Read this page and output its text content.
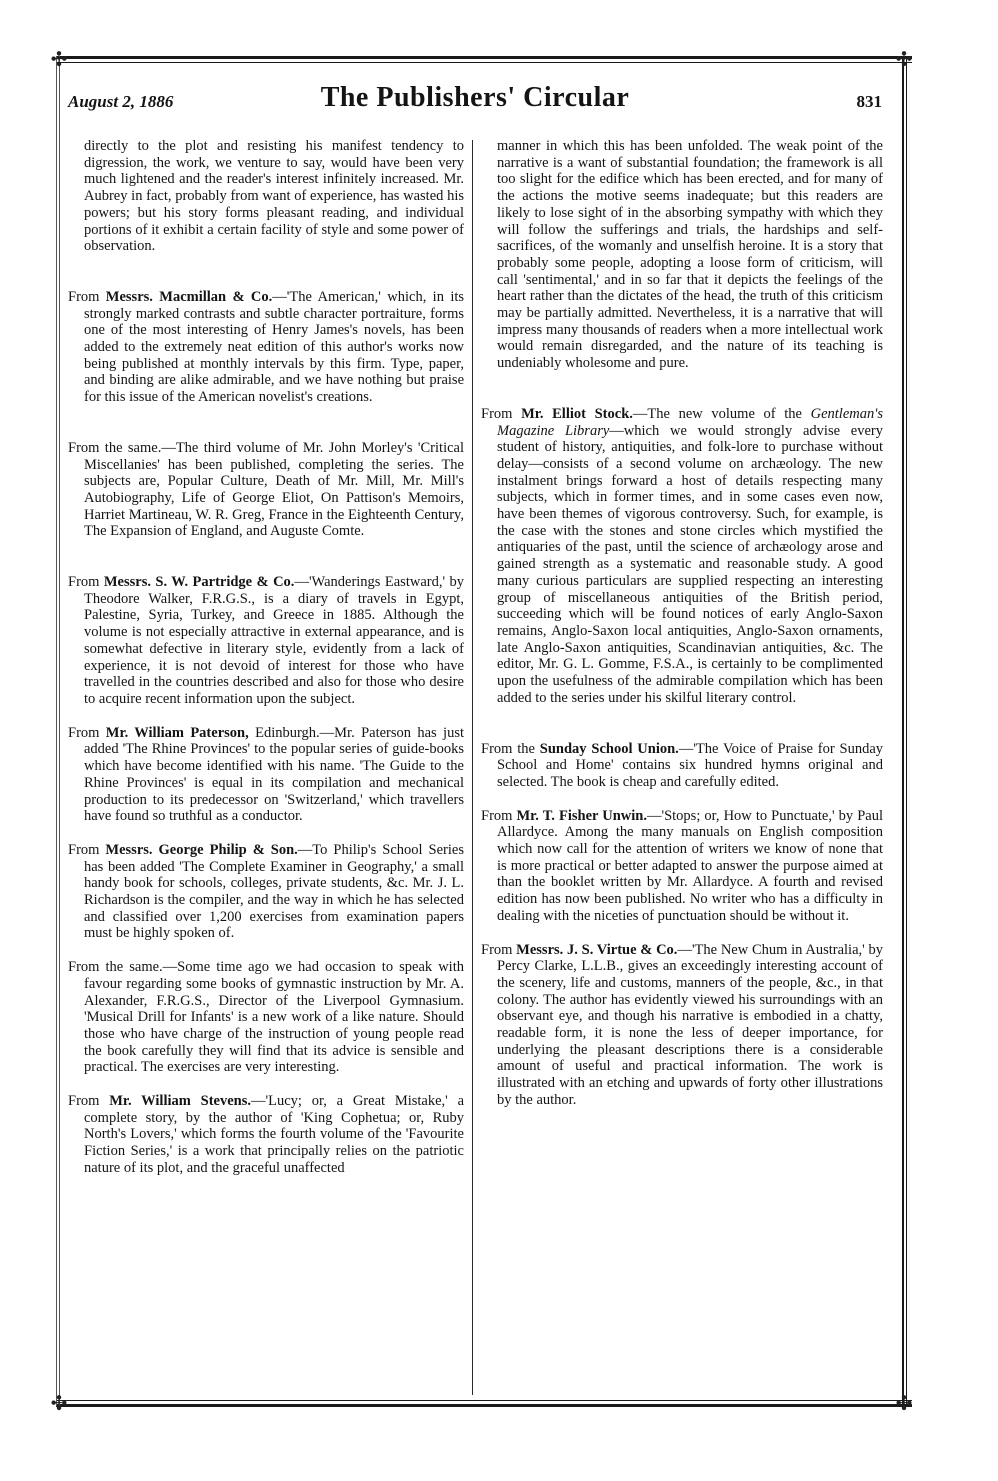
✣	✣
✣	✣
August 2, 1886	The Publishers' Circular	831

directly to the plot and resisting his manifest tendency to digression, the work, we venture to say, would have been very much lightened and the reader's interest infinitely increased. Mr. Aubrey in fact, probably from want of experience, has wasted his powers; but his story forms pleasant reading, and individual portions of it exhibit a certain facility of style and some power of observation.

From Messrs. Macmillan & Co.—'The American,' which, in its strongly marked contrasts and subtle character portraiture, forms one of the most interesting of Henry James's novels, has been added to the extremely neat edition of this author's works now being published at monthly intervals by this firm. Type, paper, and binding are alike admirable, and we have nothing but praise for this issue of the American novelist's creations.

From the same.—The third volume of Mr. John Morley's 'Critical Miscellanies' has been published, completing the series. The subjects are, Popular Culture, Death of Mr. Mill, Mr. Mill's Autobiography, Life of George Eliot, On Pattison's Memoirs, Harriet Martineau, W. R. Greg, France in the Eighteenth Century, The Expansion of England, and Auguste Comte.

From Messrs. S. W. Partridge & Co.—'Wanderings Eastward,' by Theodore Walker, F.R.G.S., is a diary of travels in Egypt, Palestine, Syria, Turkey, and Greece in 1885. Although the volume is not especially attractive in external appearance, and is somewhat defective in literary style, evidently from a lack of experience, it is not devoid of interest for those who have travelled in the countries described and also for those who desire to acquire recent information upon the subject.

From Mr. William Paterson, Edinburgh.—Mr. Paterson has just added 'The Rhine Provinces' to the popular series of guide-books which have become identified with his name. 'The Guide to the Rhine Provinces' is equal in its compilation and mechanical production to its predecessor on 'Switzerland,' which travellers have found so truthful as a conductor.

From Messrs. George Philip & Son.—To Philip's School Series has been added 'The Complete Examiner in Geography,' a small handy book for schools, colleges, private students, &c. Mr. J. L. Richardson is the compiler, and the way in which he has selected and classified over 1,200 exercises from examination papers must be highly spoken of.

From the same.—Some time ago we had occasion to speak with favour regarding some books of gymnastic instruction by Mr. A. Alexander, F.R.G.S., Director of the Liverpool Gymnasium. 'Musical Drill for Infants' is a new work of a like nature. Should those who have charge of the instruction of young people read the book carefully they will find that its advice is sensible and practical. The exercises are very interesting.

From Mr. William Stevens.—'Lucy; or, a Great Mistake,' a complete story, by the author of 'King Cophetua; or, Ruby North's Lovers,' which forms the fourth volume of the 'Favourite Fiction Series,' is a work that principally relies on the patriotic nature of its plot, and the graceful unaffected

manner in which this has been unfolded. The weak point of the narrative is a want of substantial foundation; the framework is all too slight for the edifice which has been erected, and for many of the actions the motive seems inadequate; but this readers are likely to lose sight of in the absorbing sympathy with which they will follow the sufferings and trials, the hardships and self-sacrifices, of the womanly and unselfish heroine. It is a story that probably some people, adopting a loose form of criticism, will call 'sentimental,' and in so far that it depicts the feelings of the heart rather than the dictates of the head, the truth of this criticism may be partially admitted. Nevertheless, it is a narrative that will impress many thousands of readers when a more intellectual work would remain disregarded, and the nature of its teaching is undeniably wholesome and pure.

From Mr. Elliot Stock.—The new volume of the Gentleman's Magazine Library—which we would strongly advise every student of history, antiquities, and folk-lore to purchase without delay—consists of a second volume on archæology. The new instalment brings forward a host of details respecting many subjects, which in former times, and in some cases even now, have been themes of vigorous controversy. Such, for example, is the case with the stones and stone circles which mystified the antiquaries of the past, until the science of archæology arose and gained strength as a systematic and reasonable study. A good many curious particulars are supplied respecting an interesting group of miscellaneous antiquities of the British period, succeeding which will be found notices of early Anglo-Saxon remains, Anglo-Saxon local antiquities, Anglo-Saxon ornaments, late Anglo-Saxon antiquities, Scandinavian antiquities, &c. The editor, Mr. G. L. Gomme, F.S.A., is certainly to be complimented upon the usefulness of the admirable compilation which has been added to the series under his skilful literary control.

From the Sunday School Union.—'The Voice of Praise for Sunday School and Home' contains six hundred hymns original and selected. The book is cheap and carefully edited.

From Mr. T. Fisher Unwin.—'Stops; or, How to Punctuate,' by Paul Allardyce. Among the many manuals on English composition which now call for the attention of writers we know of none that is more practical or better adapted to answer the purpose aimed at than the booklet written by Mr. Allardyce. A fourth and revised edition has now been published. No writer who has a difficulty in dealing with the niceties of punctuation should be without it.

From Messrs. J. S. Virtue & Co.—'The New Chum in Australia,' by Percy Clarke, L.L.B., gives an exceedingly interesting account of the scenery, life and customs, manners of the people, &c., in that colony. The author has evidently viewed his surroundings with an observant eye, and though his narrative is embodied in a chatty, readable form, it is none the less of deeper importance, for underlying the pleasant descriptions there is a considerable amount of useful and practical information. The work is illustrated with an etching and upwards of forty other illustrations by the author.
